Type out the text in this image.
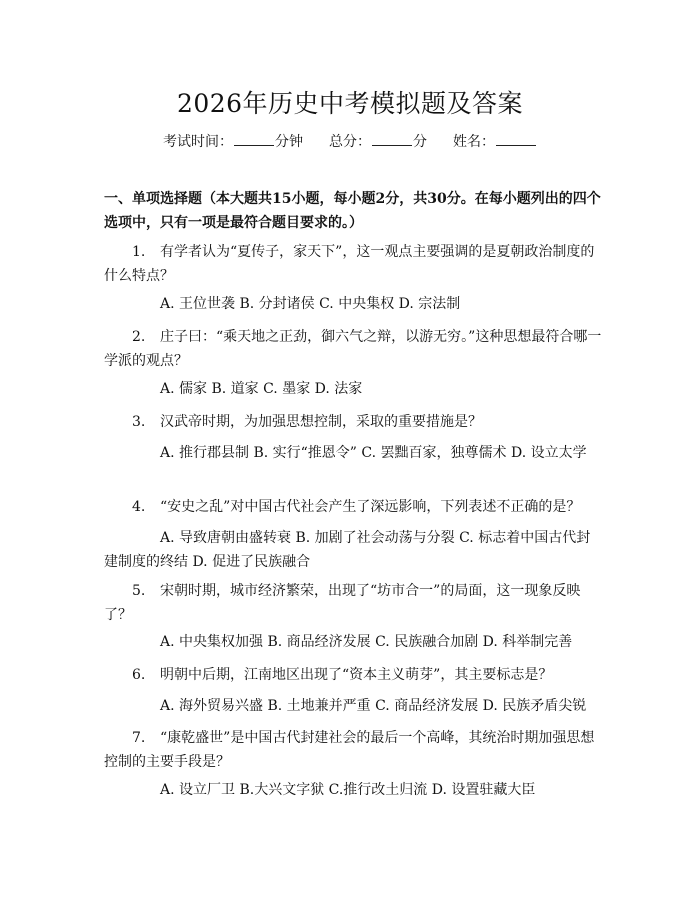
2026年历史中考模拟题及答案
考试时间：	分钟 总分：	分 姓名：
一、单项选择题（本大题共15小题，每小题2分，共30分。在每小题列出的四个选项中，只有一项是最符合题目要求的。）
1. 有学者认为“夏传子，家天下”，这一观点主要强调的是夏朝政治制度的什么特点？
A. 王位世袭 B. 分封诸侯 C. 中央集权 D. 宗法制
2. 庄子曰：“乘天地之正劲，御六气之辩，以游无穷。”这种思想最符合哪一学派的观点？
A. 儒家 B. 道家 C. 墨家 D. 法家
3. 汉武帝时期，为加强思想控制，采取的重要措施是？
A. 推行郡县制 B. 实行“推恩令” C. 罢黜百家，独尊儒术 D. 设立太学
4. “安史之乱”对中国古代社会产生了深远影响，下列表述不正确的是？
A. 导致唐朝由盛转衰 B. 加剧了社会动荡与分裂 C. 标志着中国古代封建制度的终结 D. 促进了民族融合
5. 宋朝时期，城市经济繁荣，出现了“坊市合一”的局面，这一现象反映了？
A. 中央集权加强 B. 商品经济发展 C. 民族融合加剧 D. 科举制完善
6. 明朝中后期，江南地区出现了“资本主义萌芽”，其主要标志是？
A. 海外贸易兴盛 B. 土地兼并严重 C. 商品经济发展 D. 民族矛盾尖锐
7. “康乾盛世”是中国古代封建社会的最后一个高峰，其统治时期加强思想控制的主要手段是？
A. 设立厂卫 B.大兴文字狱 C.推行改土归流 D. 设置驻藏大臣
